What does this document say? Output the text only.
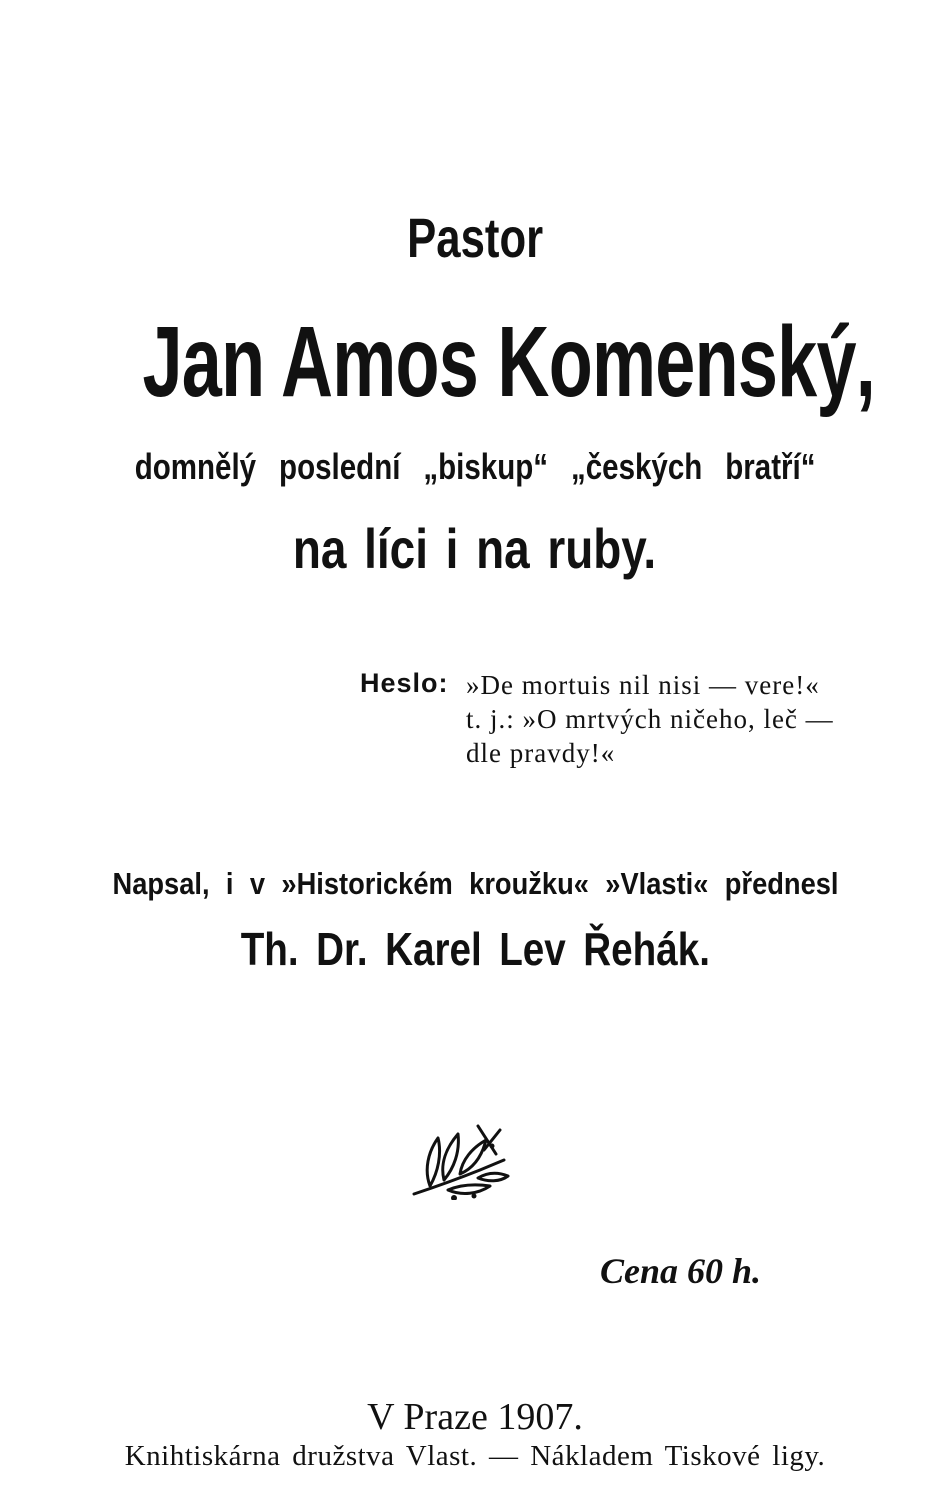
Pastor
Jan Amos Komenský,
domnělý poslední „biskup“ „českých bratří“
na líci i na ruby.
Heslo: »De mortuis nil nisi — vere!«
t. j.: »O mrtvých ničeho, leč —
dle pravdy!«
Napsal, i v »Historickém kroužku« »Vlasti« přednesl
Th. Dr. Karel Lev Řehák.
Cena 60 h.
V Praze 1907.
Knihtiskárna družstva Vlast. — Nákladem Tiskové ligy.
